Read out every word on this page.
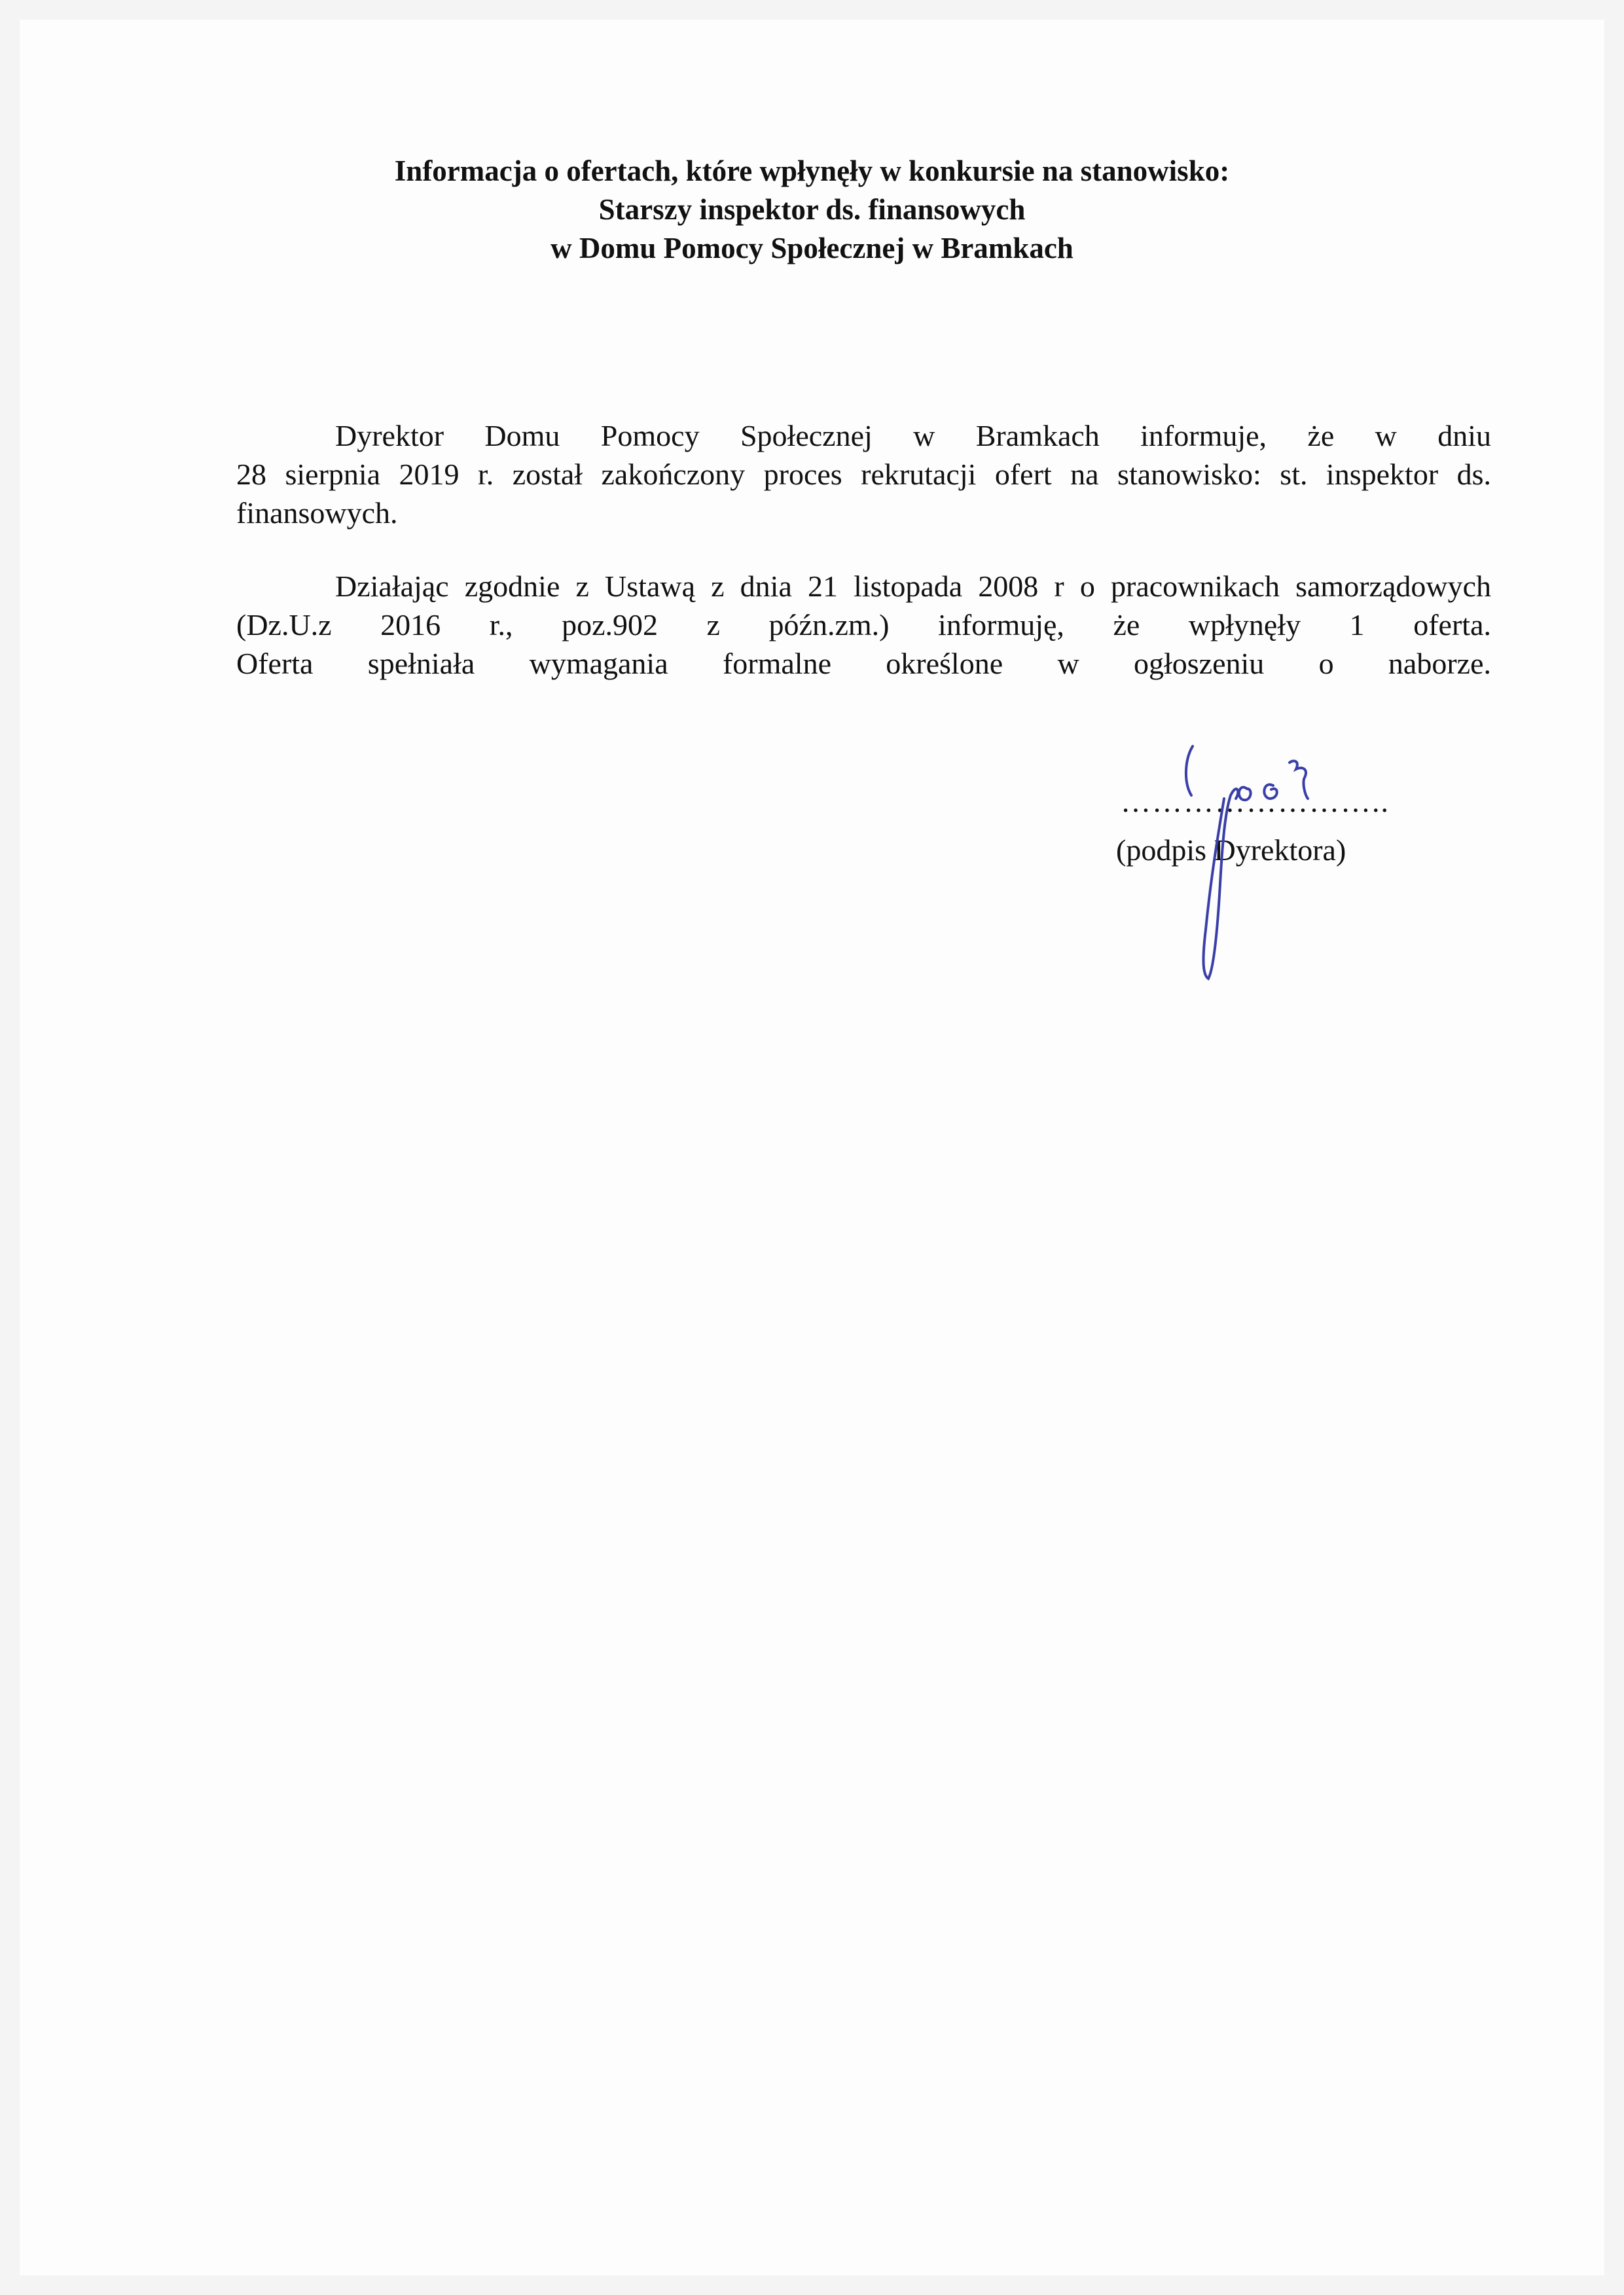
Informacja o ofertach, które wpłynęły w konkursie na stanowisko:
Starszy inspektor ds. finansowych
w Domu Pomocy Społecznej w Bramkach
Dyrektor Domu Pomocy Społecznej w Bramkach informuje, że w dniu
28 sierpnia 2019 r. został zakończony proces rekrutacji ofert na stanowisko: st. inspektor ds.
finansowych.
Działając zgodnie z Ustawą z dnia 21 listopada 2008 r o pracownikach samorządowych
(Dz.U.z 2016 r., poz.902 z późn.zm.) informuję, że wpłynęły 1 oferta.
Oferta spełniała wymagania formalne określone w ogłoszeniu o naborze.
……………………..
(podpis Dyrektora)
